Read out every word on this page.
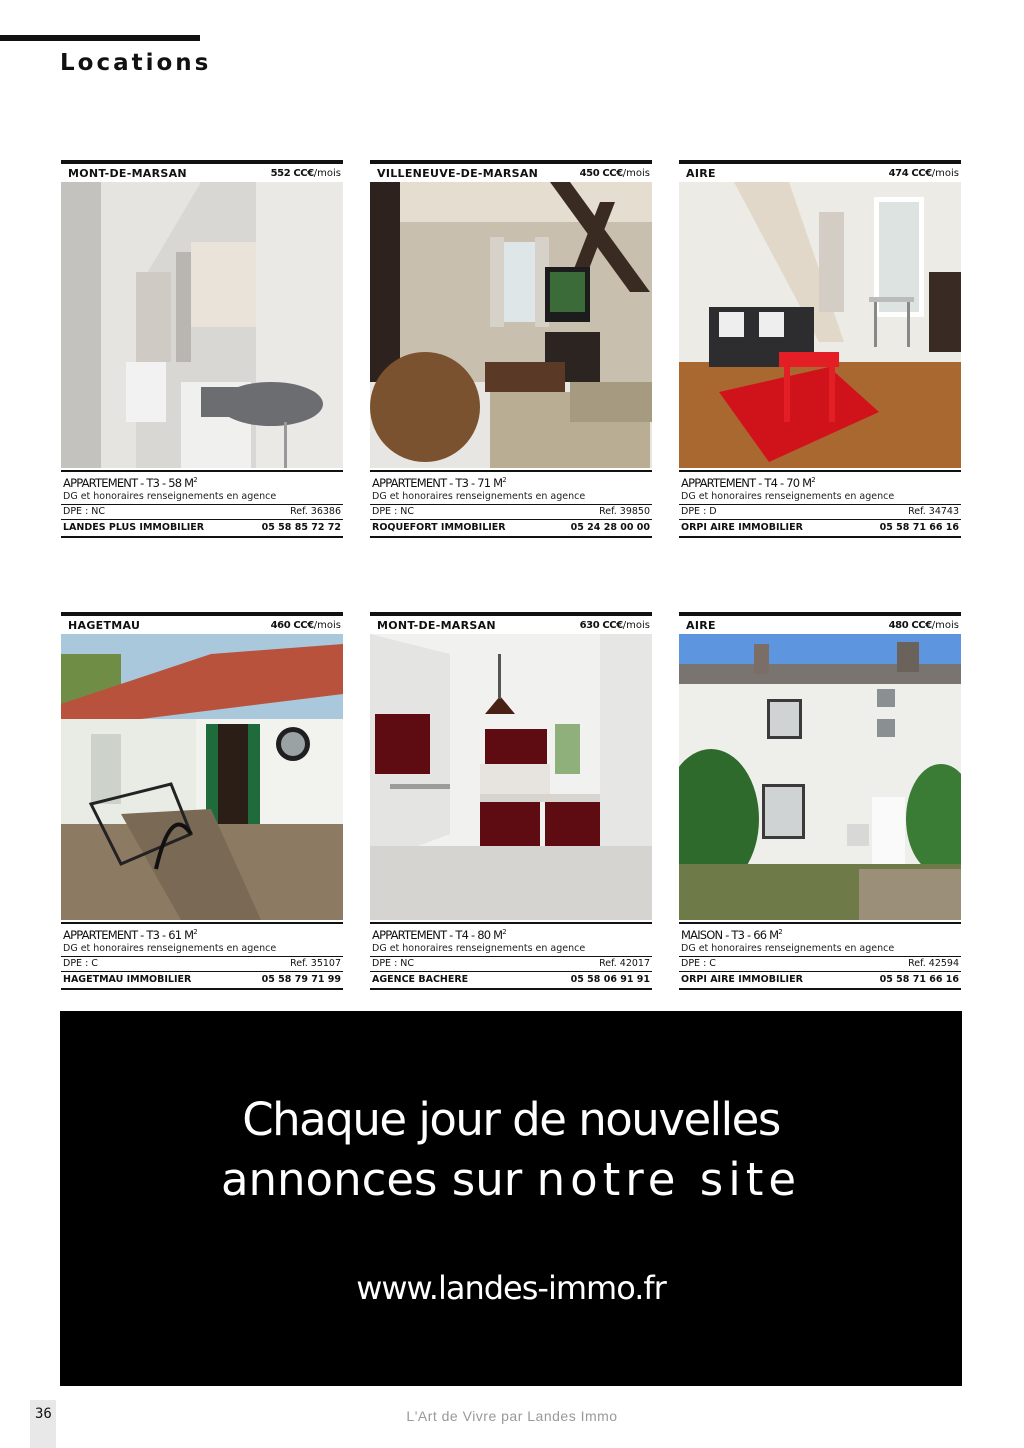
Locations
MONT-DE-MARSAN	552 CC€/mois
APPARTEMENT - T3 - 58 $M^2$
DG et honoraires renseignements en agence
DPE : NC	Ref. 36386
LANDES PLUS IMMOBILIER	05 58 85 72 72
VILLENEUVE-DE-MARSAN	450 CC€/mois
APPARTEMENT - T3 - 71 $M^2$
DG et honoraires renseignements en agence
DPE : NC	Ref. 39850
ROQUEFORT IMMOBILIER	05 24 28 00 00
AIRE	474 CC€/mois
APPARTEMENT - T4 - 70 $M^2$
DG et honoraires renseignements en agence
DPE : D	Ref. 34743
ORPI AIRE IMMOBILIER	05 58 71 66 16
HAGETMAU	460 CC€/mois
APPARTEMENT - T3 - 61 $M^2$
DG et honoraires renseignements en agence
DPE : C	Ref. 35107
HAGETMAU IMMOBILIER	05 58 79 71 99
MONT-DE-MARSAN	630 CC€/mois
APPARTEMENT - T4 - 80 $M^2$
DG et honoraires renseignements en agence
DPE : NC	Ref. 42017
AGENCE BACHERE	05 58 06 91 91
AIRE	480 CC€/mois
MAISON - T3 - 66 $M^2$
DG et honoraires renseignements en agence
DPE : C	Ref. 42594
ORPI AIRE IMMOBILIER	05 58 71 66 16
Chaque jour de nouvelles
annonces sur notre site
www.landes-immo.fr
36	L'Art de Vivre par Landes Immo
